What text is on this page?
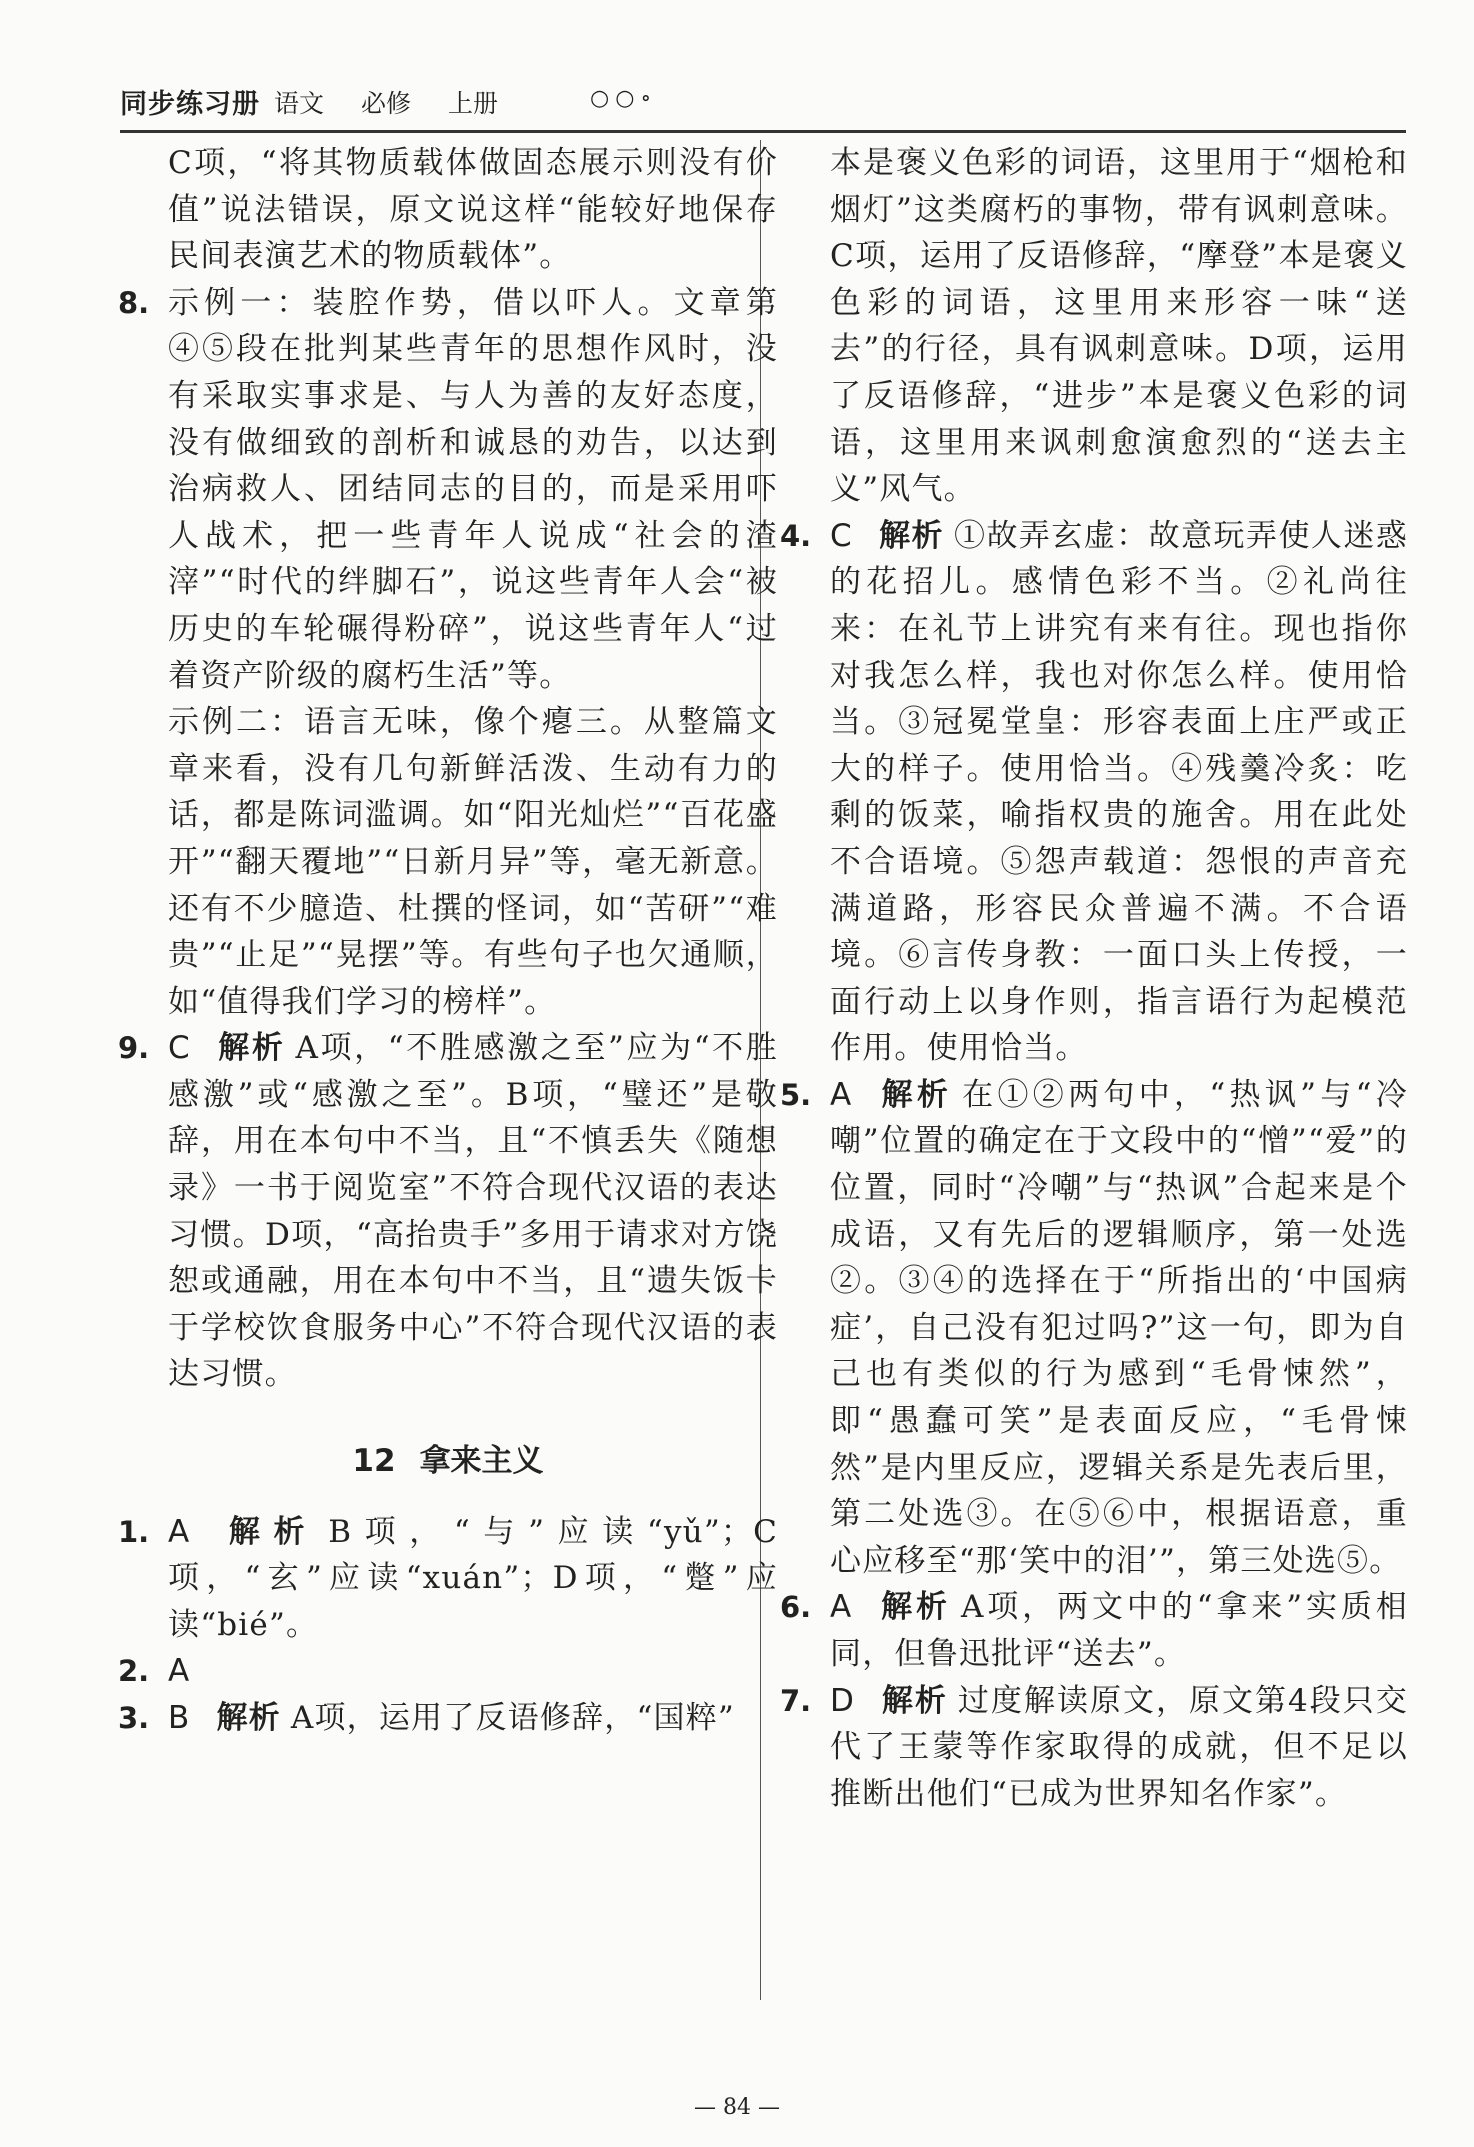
同步练习册 语文 必修 上册	○○∘

C项，“将其物质载体做固态展示则没有价值”说法错误，原文说这样“能较好地保存民间表演艺术的物质载体”。

8. 示例一：装腔作势，借以吓人。文章第④⑤段在批判某些青年的思想作风时，没有采取实事求是、与人为善的友好态度，没有做细致的剖析和诚恳的劝告，以达到治病救人、团结同志的目的，而是采用吓人战术，把一些青年人说成“社会的渣滓”“时代的绊脚石”，说这些青年人会“被历史的车轮碾得粉碎”，说这些青年人“过着资产阶级的腐朽生活”等。

示例二：语言无味，像个瘪三。从整篇文章来看，没有几句新鲜活泼、生动有力的话，都是陈词滥调。如“阳光灿烂”“百花盛开”“翻天覆地”“日新月异”等，毫无新意。还有不少臆造、杜撰的怪词，如“苦研”“难贵”“止足”“晃摆”等。有些句子也欠通顺，如“值得我们学习的榜样”。

9. C 解析 A项，“不胜感激之至”应为“不胜感激”或“感激之至”。B项，“璧还”是敬辞，用在本句中不当，且“不慎丢失《随想录》一书于阅览室”不符合现代汉语的表达习惯。D项，“高抬贵手”多用于请求对方饶恕或通融，用在本句中不当，且“遗失饭卡于学校饮食服务中心”不符合现代汉语的表达习惯。

12 拿来主义
1. A 解析 B项，“与”应读“yǔ”；C项，“玄”应读“xuán”；D项，“蹩”应读“bié”。

2. A

3. B 解析 A项，运用了反语修辞，“国粹”

本是褒义色彩的词语，这里用于“烟枪和烟灯”这类腐朽的事物，带有讽刺意味。C项，运用了反语修辞，“摩登”本是褒义色彩的词语，这里用来形容一味“送去”的行径，具有讽刺意味。D项，运用了反语修辞，“进步”本是褒义色彩的词语，这里用来讽刺愈演愈烈的“送去主义”风气。

4. C 解析 ①故弄玄虚：故意玩弄使人迷惑的花招儿。感情色彩不当。②礼尚往来：在礼节上讲究有来有往。现也指你对我怎么样，我也对你怎么样。使用恰当。③冠冕堂皇：形容表面上庄严或正大的样子。使用恰当。④残羹冷炙：吃剩的饭菜，喻指权贵的施舍。用在此处不合语境。⑤怨声载道：怨恨的声音充满道路，形容民众普遍不满。不合语境。⑥言传身教：一面口头上传授，一面行动上以身作则，指言语行为起模范作用。使用恰当。

5. A 解析 在①②两句中，“热讽”与“冷嘲”位置的确定在于文段中的“憎”“爱”的位置，同时“冷嘲”与“热讽”合起来是个成语，又有先后的逻辑顺序，第一处选②。③④的选择在于“所指出的‘中国病症’，自己没有犯过吗?”这一句，即为自己也有类似的行为感到“毛骨悚然”，即“愚蠢可笑”是表面反应，“毛骨悚然”是内里反应，逻辑关系是先表后里，第二处选③。在⑤⑥中，根据语意，重心应移至“那‘笑中的泪’”，第三处选⑤。

6. A 解析 A项，两文中的“拿来”实质相同，但鲁迅批评“送去”。

7. D 解析 过度解读原文，原文第4段只交代了王蒙等作家取得的成就，但不足以推断出他们“已成为世界知名作家”。

— 84 —
